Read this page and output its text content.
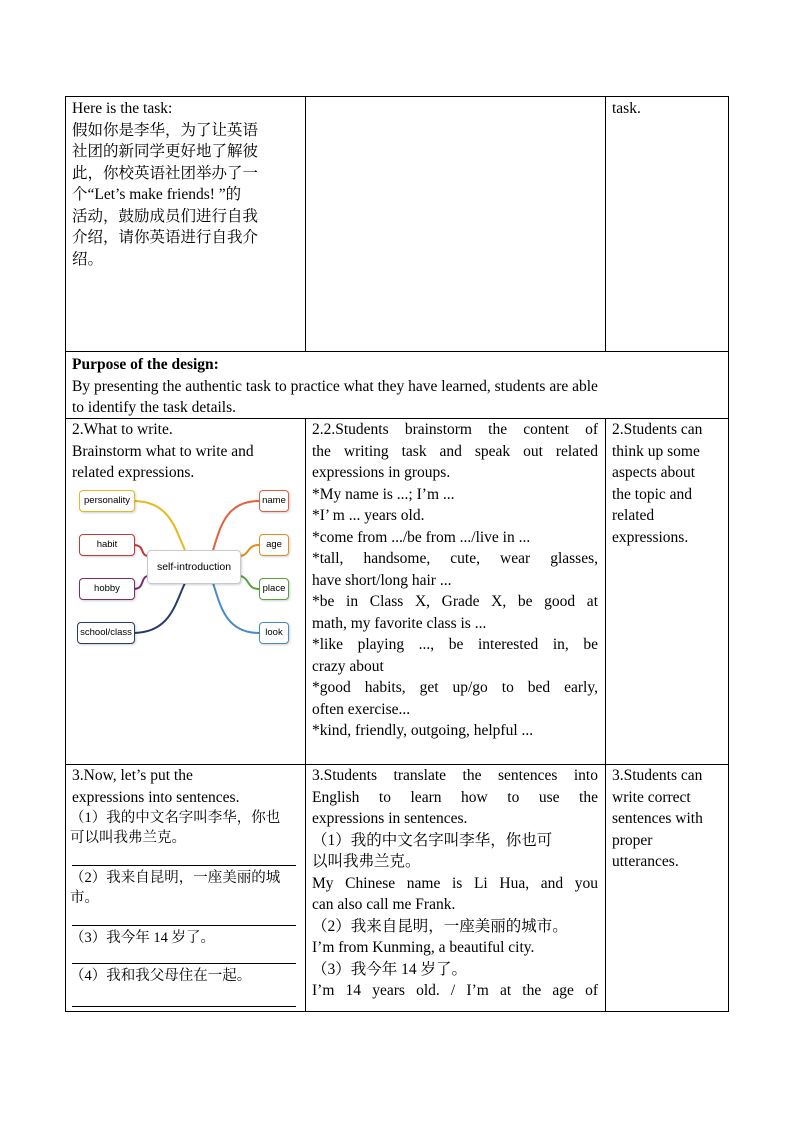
Here is the task:
假如你是李华，为了让英语
社团的新同学更好地了解彼
此，你校英语社团举办了一
个“Let’s make friends! ”的
活动，鼓励成员们进行自我
介绍，请你英语进行自我介
绍。
task.
Purpose of the design:
By presenting the authentic task to practice what they have learned, students are able
to identify the task details.
2.What to write.
Brainstorm what to write and
related expressions.
self-introduction
personality
habit
hobby
school/class
name
age
place
look
2.2.Students brainstorm the content of
the writing task and speak out related
expressions in groups.
*My name is ...; I’m ...
*I’ m ... years old.
*come from .../be from .../live in ...
*tall, handsome, cute, wear glasses,
have short/long hair ...
*be in Class X, Grade X, be good at
math, my favorite class is ...
*like playing ..., be interested in, be
crazy about
*good habits, get up/go to bed early,
often exercise...
*kind, friendly, outgoing, helpful ...
2.Students can
think up some
aspects about
the topic and
related
expressions.
3.Now, let’s put the
expressions into sentences.
（1）我的中文名字叫李华，你也
可以叫我弗兰克。
（2）我来自昆明，一座美丽的城
市。
（3）我今年 14 岁了。
（4）我和我父母住在一起。
3.Students translate the sentences into
English to learn how to use the
expressions in sentences.
（1）我的中文名字叫李华，你也可
以叫我弗兰克。
My Chinese name is Li Hua, and you
can also call me Frank.
（2）我来自昆明，一座美丽的城市。
I’m from Kunming, a beautiful city.
（3）我今年 14 岁了。
I’m 14 years old. / I’m at the age of
3.Students can
write correct
sentences with
proper
utterances.
